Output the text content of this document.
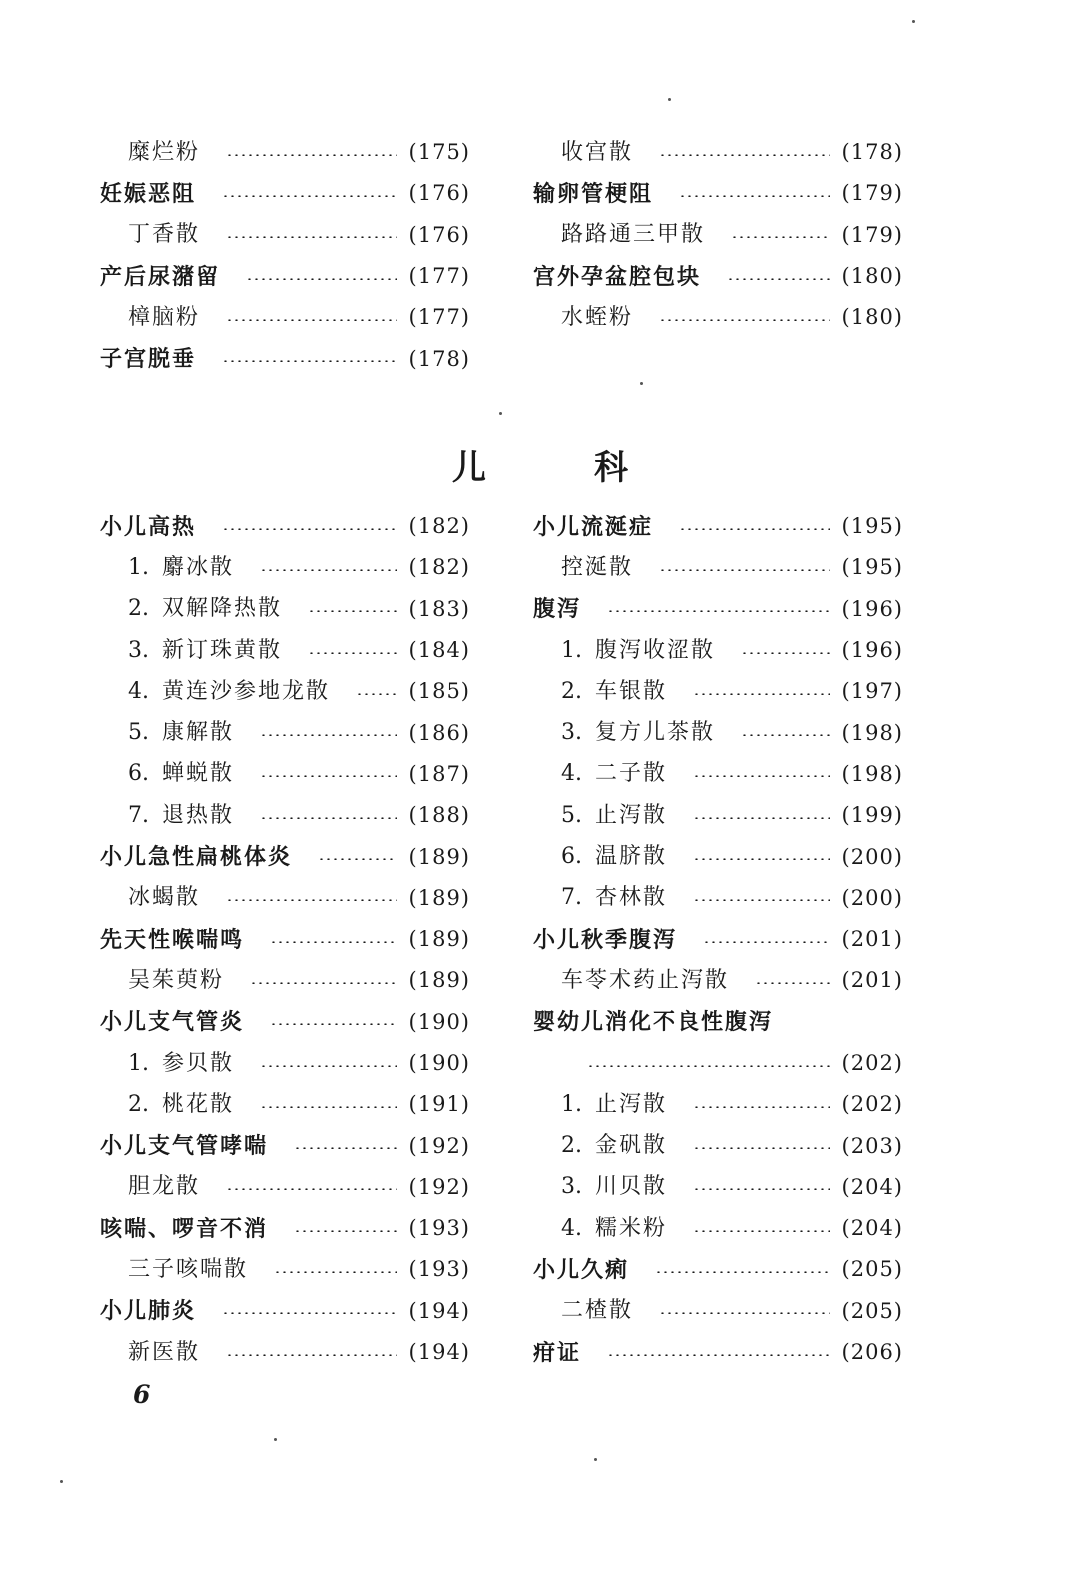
糜烂粉	(175)
妊娠恶阻	(176)
丁香散	(176)
产后尿潴留	(177)
樟脑粉	(177)
子宫脱垂	(178)
收宫散	(178)
输卵管梗阻	(179)
路路通三甲散	(179)
宫外孕盆腔包块	(180)
水蛭粉	(180)
儿	科
小儿高热	(182)
1. 麝冰散	(182)
2. 双解降热散	(183)
3. 新订珠黄散	(184)
4. 黄连沙参地龙散	(185)
5. 康解散	(186)
6. 蝉蜕散	(187)
7. 退热散	(188)
小儿急性扁桃体炎	(189)
冰蝎散	(189)
先天性喉喘鸣	(189)
吴茱萸粉	(189)
小儿支气管炎	(190)
1. 参贝散	(190)
2. 桃花散	(191)
小儿支气管哮喘	(192)
胆龙散	(192)
咳喘、啰音不消	(193)
三子咳喘散	(193)
小儿肺炎	(194)
新医散	(194)
小儿流涎症	(195)
控涎散	(195)
腹泻	(196)
1. 腹泻收涩散	(196)
2. 车银散	(197)
3. 复方儿茶散	(198)
4. 二子散	(198)
5. 止泻散	(199)
6. 温脐散	(200)
7. 杏林散	(200)
小儿秋季腹泻	(201)
车苓术药止泻散	(201)
婴幼儿消化不良性腹泻
(202)
1. 止泻散	(202)
2. 金矾散	(203)
3. 川贝散	(204)
4. 糯米粉	(204)
小儿久痢	(205)
二楂散	(205)
疳证	(206)
6
